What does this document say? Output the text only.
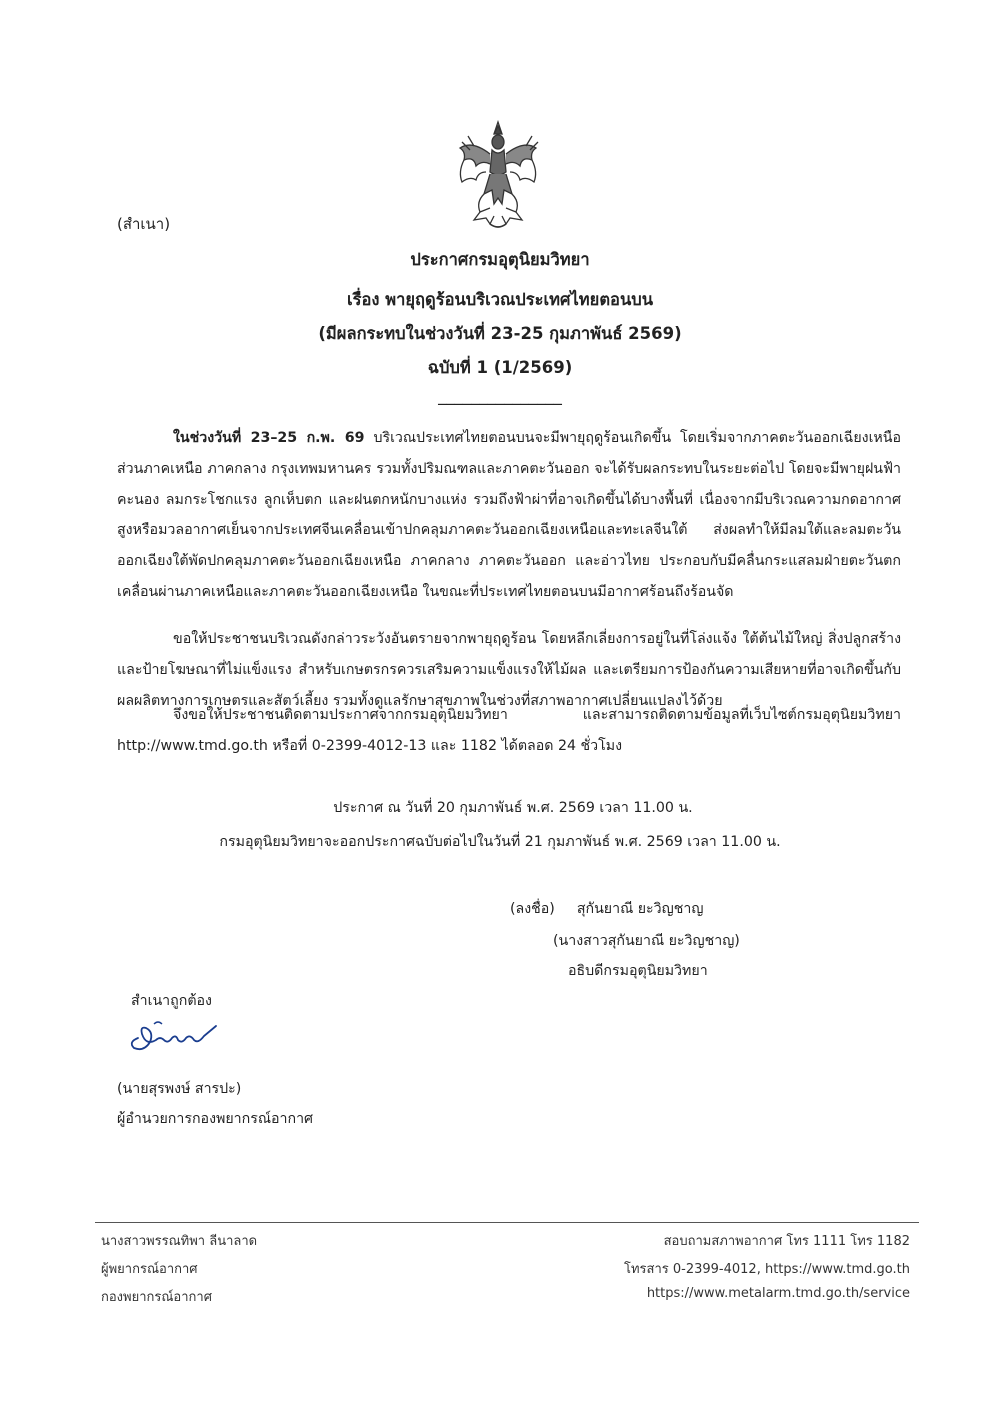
(สำเนา)
ประกาศกรมอุตุนิยมวิทยา
เรื่อง พายุฤดูร้อนบริเวณประเทศไทยตอนบน
(มีผลกระทบในช่วงวันที่ 23-25 กุมภาพันธ์ 2569)
ฉบับที่ 1 (1/2569)
_______________
ในช่วงวันที่ 23–25 ก.พ. 69 บริเวณประเทศไทยตอนบนจะมีพายุฤดูร้อนเกิดขึ้น โดยเริ่มจากภาคตะวันออกเฉียงเหนือ ส่วนภาคเหนือ ภาคกลาง กรุงเทพมหานคร รวมทั้งปริมณฑลและภาคตะวันออก จะได้รับผลกระทบในระยะต่อไป โดยจะมีพายุฝนฟ้าคะนอง ลมกระโชกแรง ลูกเห็บตก และฝนตกหนักบางแห่ง รวมถึงฟ้าผ่าที่อาจเกิดขึ้นได้บางพื้นที่ เนื่องจากมีบริเวณความกดอากาศสูงหรือมวลอากาศเย็นจากประเทศจีนเคลื่อนเข้าปกคลุมภาคตะวันออกเฉียงเหนือและทะเลจีนใต้ ส่งผลทำให้มีลมใต้และลมตะวันออกเฉียงใต้พัดปกคลุมภาคตะวันออกเฉียงเหนือ ภาคกลาง ภาคตะวันออก และอ่าวไทย ประกอบกับมีคลื่นกระแสลมฝ่ายตะวันตกเคลื่อนผ่านภาคเหนือและภาคตะวันออกเฉียงเหนือ ในขณะที่ประเทศไทยตอนบนมีอากาศร้อนถึงร้อนจัด
ขอให้ประชาชนบริเวณดังกล่าวระวังอันตรายจากพายุฤดูร้อน โดยหลีกเลี่ยงการอยู่ในที่โล่งแจ้ง ใต้ต้นไม้ใหญ่ สิ่งปลูกสร้าง และป้ายโฆษณาที่ไม่แข็งแรง สำหรับเกษตรกรควรเสริมความแข็งแรงให้ไม้ผล และเตรียมการป้องกันความเสียหายที่อาจเกิดขึ้นกับผลผลิตทางการเกษตรและสัตว์เลี้ยง รวมทั้งดูแลรักษาสุขภาพในช่วงที่สภาพอากาศเปลี่ยนแปลงไว้ด้วย
จึงขอให้ประชาชนติดตามประกาศจากกรมอุตุนิยมวิทยา และสามารถติดตามข้อมูลที่เว็บไซต์กรมอุตุนิยมวิทยา http://www.tmd.go.th หรือที่ 0-2399-4012-13 และ 1182 ได้ตลอด 24 ชั่วโมง
ประกาศ ณ วันที่ 20 กุมภาพันธ์ พ.ศ. 2569 เวลา 11.00 น.
กรมอุตุนิยมวิทยาจะออกประกาศฉบับต่อไปในวันที่ 21 กุมภาพันธ์ พ.ศ. 2569 เวลา 11.00 น.
(ลงชื่อ) สุกันยาณี ยะวิญชาญ
(นางสาวสุกันยาณี ยะวิญชาญ)
อธิบดีกรมอุตุนิยมวิทยา
สำเนาถูกต้อง
(นายสุรพงษ์ สารปะ)
ผู้อำนวยการกองพยากรณ์อากาศ
นางสาวพรรณทิพา ลีนาลาด
ผู้พยากรณ์อากาศ
กองพยากรณ์อากาศ
สอบถามสภาพอากาศ โทร 1111 โทร 1182
โทรสาร 0-2399-4012, https://www.tmd.go.th
https://www.metalarm.tmd.go.th/service
